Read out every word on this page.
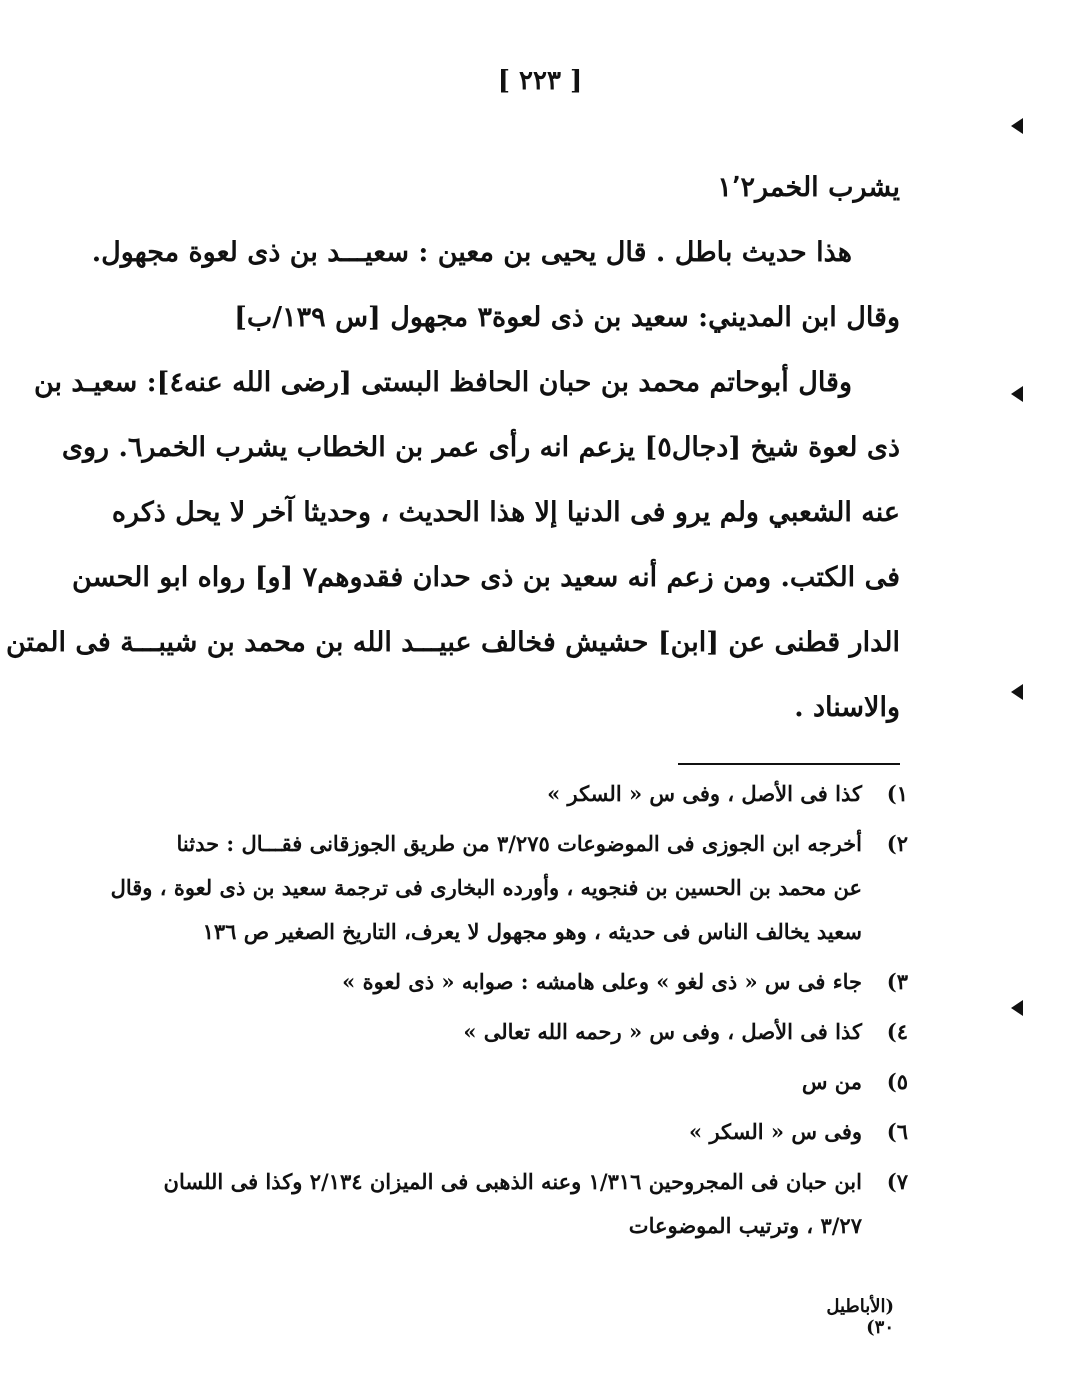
[ ٢٢٣ ]
يشرب الخمر١٬٢
هذا حديث باطل . قال يحيى بن معين : سعيـــد بن ذى لعوة مجهول.
وقال ابن المديني: سعيد بن ذى لعوة٣ مجهول [س ١٣٩/ب]
وقال أبوحاتم محمد بن حبان الحافظ البستى [رضى الله عنه٤]: سعيـد بن
ذى لعوة شيخ [دجال٥] يزعم انه رأى عمر بن الخطاب يشرب الخمر٦. روى
عنه الشعبي ولم يرو فى الدنيا إلا هذا الحديث ، وحديثا آخر لا يحل ذكره
فى الكتب. ومن زعم أنه سعيد بن ذى حدان فقدوهم٧ [و] رواه ابو الحسن
الدار قطنى عن [ابن] حشيش فخالف عبيـــد الله بن محمد بن شيبـــة فى المتن
والاسناد .
١)
كذا فى الأصل ، وفى س « السكر »
٢)
أخرجه ابن الجوزى فى الموضوعات ٣/٢٧٥ من طريق الجوزقانى فقـــال : حدثنا
عن محمد بن الحسين بن فنجويه ، وأورده البخارى فى ترجمة سعيد بن ذى لعوة ، وقال
سعيد يخالف الناس فى حديثه ، وهو مجهول لا يعرف، التاريخ الصغير ص ١٣٦
٣)
جاء فى س « ذى لغو » وعلى هامشه : صوابه « ذى لعوة »
٤)
كذا فى الأصل ، وفى س « رحمه الله تعالى »
٥)
من س
٦)
وفى س « السكر »
٧)
ابن حبان فى المجروحين ١/٣١٦ وعنه الذهبى فى الميزان ٢/١٣٤ وكذا فى اللسان
٣/٢٧ ، وترتيب الموضوعات
(الأباطيل ٣٠)
